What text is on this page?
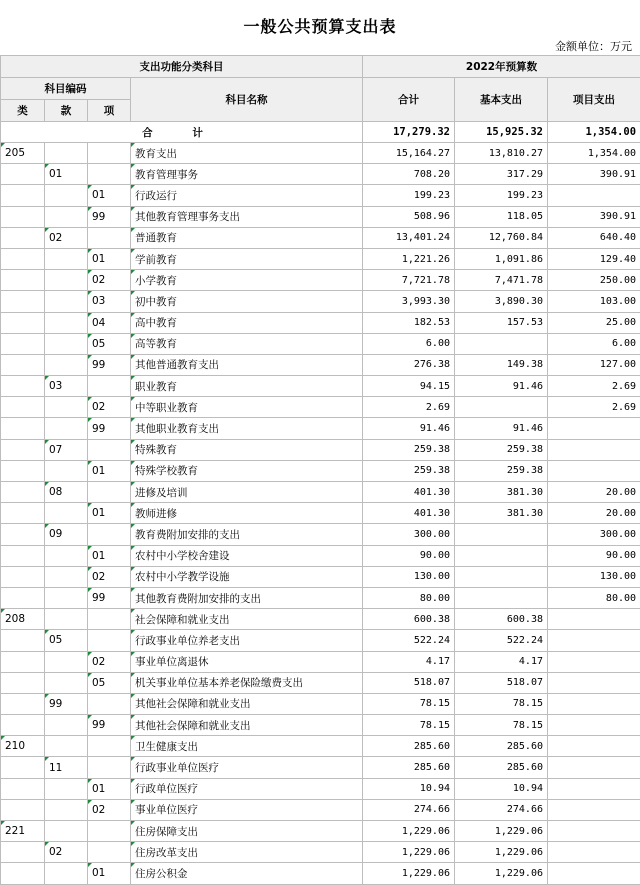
一般公共预算支出表
金额单位：万元
支出功能分类科目				2022年预算数		
科目编码			科目名称	合计	基本支出	项目支出
类	款	项				
合 计				17,279.32	15,925.32	1,354.00
205			教育支出	15,164.27	13,810.27	1,354.00
	01		教育管理事务	708.20	317.29	390.91
		01	行政运行	199.23	199.23	
		99	其他教育管理事务支出	508.96	118.05	390.91
	02		普通教育	13,401.24	12,760.84	640.40
		01	学前教育	1,221.26	1,091.86	129.40
		02	小学教育	7,721.78	7,471.78	250.00
		03	初中教育	3,993.30	3,890.30	103.00
		04	高中教育	182.53	157.53	25.00
		05	高等教育	6.00		6.00
		99	其他普通教育支出	276.38	149.38	127.00
	03		职业教育	94.15	91.46	2.69
		02	中等职业教育	2.69		2.69
		99	其他职业教育支出	91.46	91.46	
	07		特殊教育	259.38	259.38	
		01	特殊学校教育	259.38	259.38	
	08		进修及培训	401.30	381.30	20.00
		01	教师进修	401.30	381.30	20.00
	09		教育费附加安排的支出	300.00		300.00
		01	农村中小学校舍建设	90.00		90.00
		02	农村中小学教学设施	130.00		130.00
		99	其他教育费附加安排的支出	80.00		80.00
208			社会保障和就业支出	600.38	600.38	
	05		行政事业单位养老支出	522.24	522.24	
		02	事业单位离退休	4.17	4.17	
		05	机关事业单位基本养老保险缴费支出	518.07	518.07	
	99		其他社会保障和就业支出	78.15	78.15	
		99	其他社会保障和就业支出	78.15	78.15	
210			卫生健康支出	285.60	285.60	
	11		行政事业单位医疗	285.60	285.60	
		01	行政单位医疗	10.94	10.94	
		02	事业单位医疗	274.66	274.66	
221			住房保障支出	1,229.06	1,229.06	
	02		住房改革支出	1,229.06	1,229.06	
		01	住房公积金	1,229.06	1,229.06	
